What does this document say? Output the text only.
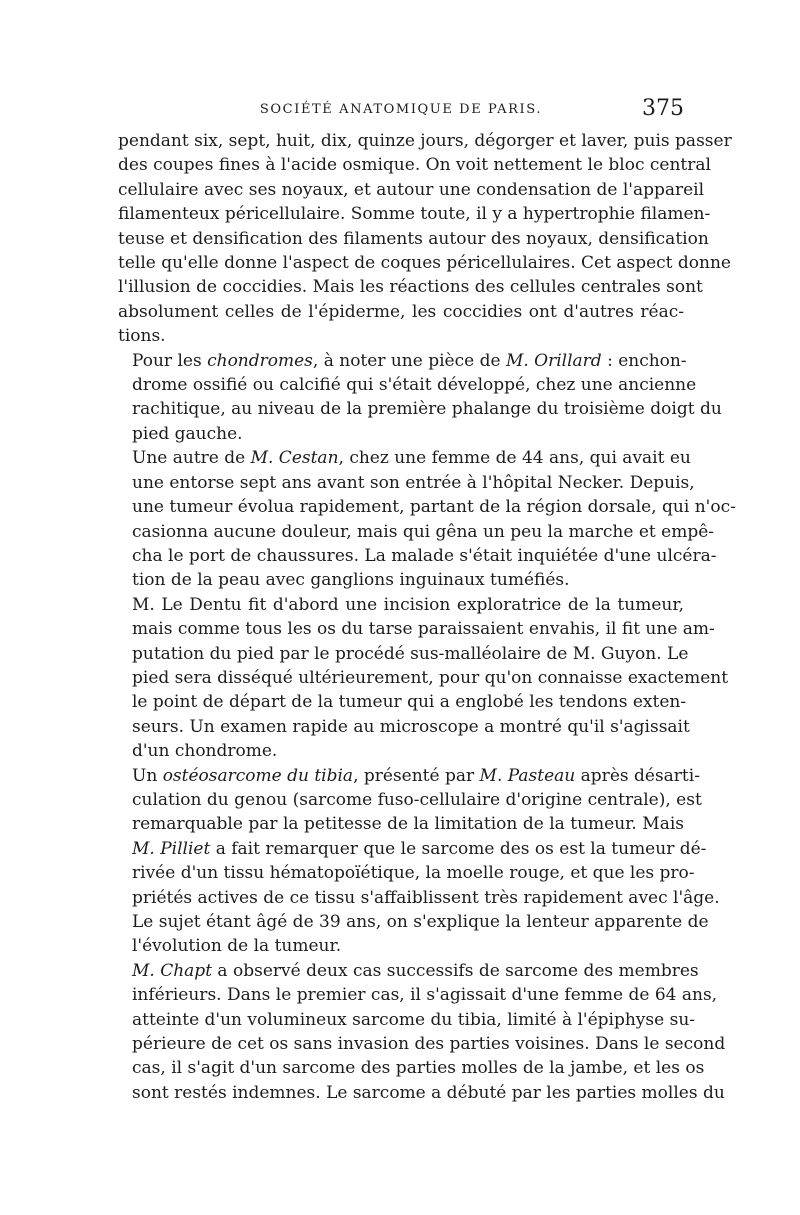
SOCIÉTÉ ANATOMIQUE DE PARIS.	375

pendant six, sept, huit, dix, quinze jours, dégorger et laver, puis passer
des coupes fines à l'acide osmique. On voit nettement le bloc central
cellulaire avec ses noyaux, et autour une condensation de l'appareil
filamenteux péricellulaire. Somme toute, il y a hypertrophie filamen-
teuse et densification des filaments autour des noyaux, densification
telle qu'elle donne l'aspect de coques péricellulaires. Cet aspect donne
l'illusion de coccidies. Mais les réactions des cellules centrales sont
absolument celles de l'épiderme, les coccidies ont d'autres réac-
tions.

Pour les chondromes, à noter une pièce de M. Orillard : enchon-
drome ossifié ou calcifié qui s'était développé, chez une ancienne
rachitique, au niveau de la première phalange du troisième doigt du
pied gauche.

Une autre de M. Cestan, chez une femme de 44 ans, qui avait eu
une entorse sept ans avant son entrée à l'hôpital Necker. Depuis,
une tumeur évolua rapidement, partant de la région dorsale, qui n'oc-
casionna aucune douleur, mais qui gêna un peu la marche et empê-
cha le port de chaussures. La malade s'était inquiétée d'une ulcéra-
tion de la peau avec ganglions inguinaux tuméfiés.

M. Le Dentu fit d'abord une incision exploratrice de la tumeur,
mais comme tous les os du tarse paraissaient envahis, il fit une am-
putation du pied par le procédé sus-malléolaire de M. Guyon. Le
pied sera disséqué ultérieurement, pour qu'on connaisse exactement
le point de départ de la tumeur qui a englobé les tendons exten-
seurs. Un examen rapide au microscope a montré qu'il s'agissait
d'un chondrome.

Un ostéosarcome du tibia, présenté par M. Pasteau après désarti-
culation du genou (sarcome fuso-cellulaire d'origine centrale), est
remarquable par la petitesse de la limitation de la tumeur. Mais
M. Pilliet a fait remarquer que le sarcome des os est la tumeur dé-
rivée d'un tissu hématopoïétique, la moelle rouge, et que les pro-
priétés actives de ce tissu s'affaiblissent très rapidement avec l'âge.
Le sujet étant âgé de 39 ans, on s'explique la lenteur apparente de
l'évolution de la tumeur.

M. Chapt a observé deux cas successifs de sarcome des membres
inférieurs. Dans le premier cas, il s'agissait d'une femme de 64 ans,
atteinte d'un volumineux sarcome du tibia, limité à l'épiphyse su-
périeure de cet os sans invasion des parties voisines. Dans le second
cas, il s'agit d'un sarcome des parties molles de la jambe, et les os
sont restés indemnes. Le sarcome a débuté par les parties molles du
